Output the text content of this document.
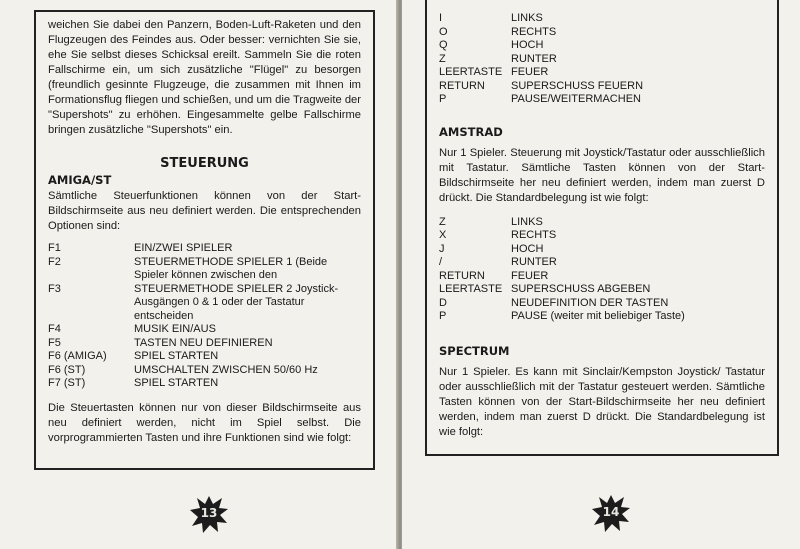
weichen Sie dabei den Panzern, Boden-Luft-Raketen und den Flugzeugen des Feindes aus. Oder besser: vernichten Sie sie, ehe Sie selbst dieses Schicksal ereilt. Sammeln Sie die roten Fallschirme ein, um sich zusätzliche "Flügel" zu besorgen (freundlich gesinnte Flugzeuge, die zusammen mit Ihnen im Formationsflug fliegen und schießen, und um die Tragweite der "Supershots" zu erhöhen. Eingesammelte gelbe Fallschirme bringen zusätzliche "Supershots" ein.

STEUERUNG

AMIGA/ST

Sämtliche Steuerfunktionen können von der Start-Bildschirmseite aus neu definiert werden. Die entsprechenden Optionen sind:

F1	EIN/ZWEI SPIELER
F2	STEUERMETHODE SPIELER 1 (Beide Spieler können zwischen den
F3	STEUERMETHODE SPIELER 2 Joystick-Ausgängen 0 & 1 oder der Tastatur entscheiden
F4	MUSIK EIN/AUS
F5	TASTEN NEU DEFINIEREN
F6 (AMIGA)	SPIEL STARTEN
F6 (ST)	UMSCHALTEN ZWISCHEN 50/60 Hz
F7 (ST)	SPIEL STARTEN

Die Steuertasten können nur von dieser Bildschirmseite aus neu definiert werden, nicht im Spiel selbst. Die vorprogrammierten Tasten und ihre Funktionen sind wie folgt:

13
I	LINKS
O	RECHTS
Q	HOCH
Z	RUNTER
LEERTASTE	FEUER
RETURN	SUPERSCHUSS FEUERN
P	PAUSE/WEITERMACHEN

AMSTRAD

Nur 1 Spieler. Steuerung mit Joystick/Tastatur oder ausschließlich mit Tastatur. Sämtliche Tasten können von der Start-Bildschirmseite her neu definiert werden, indem man zuerst D drückt. Die Standardbelegung ist wie folgt:

Z	LINKS
X	RECHTS
J	HOCH
/	RUNTER
RETURN	FEUER
LEERTASTE	SUPERSCHUSS ABGEBEN
D	NEUDEFINITION DER TASTEN
P	PAUSE (weiter mit beliebiger Taste)

SPECTRUM

Nur 1 Spieler. Es kann mit Sinclair/Kempston Joystick/ Tastatur oder ausschließlich mit der Tastatur gesteuert werden. Sämtliche Tasten können von der Start-Bildschirmseite her neu definiert werden, indem man zuerst D drückt. Die Standardbelegung ist wie folgt:

14
